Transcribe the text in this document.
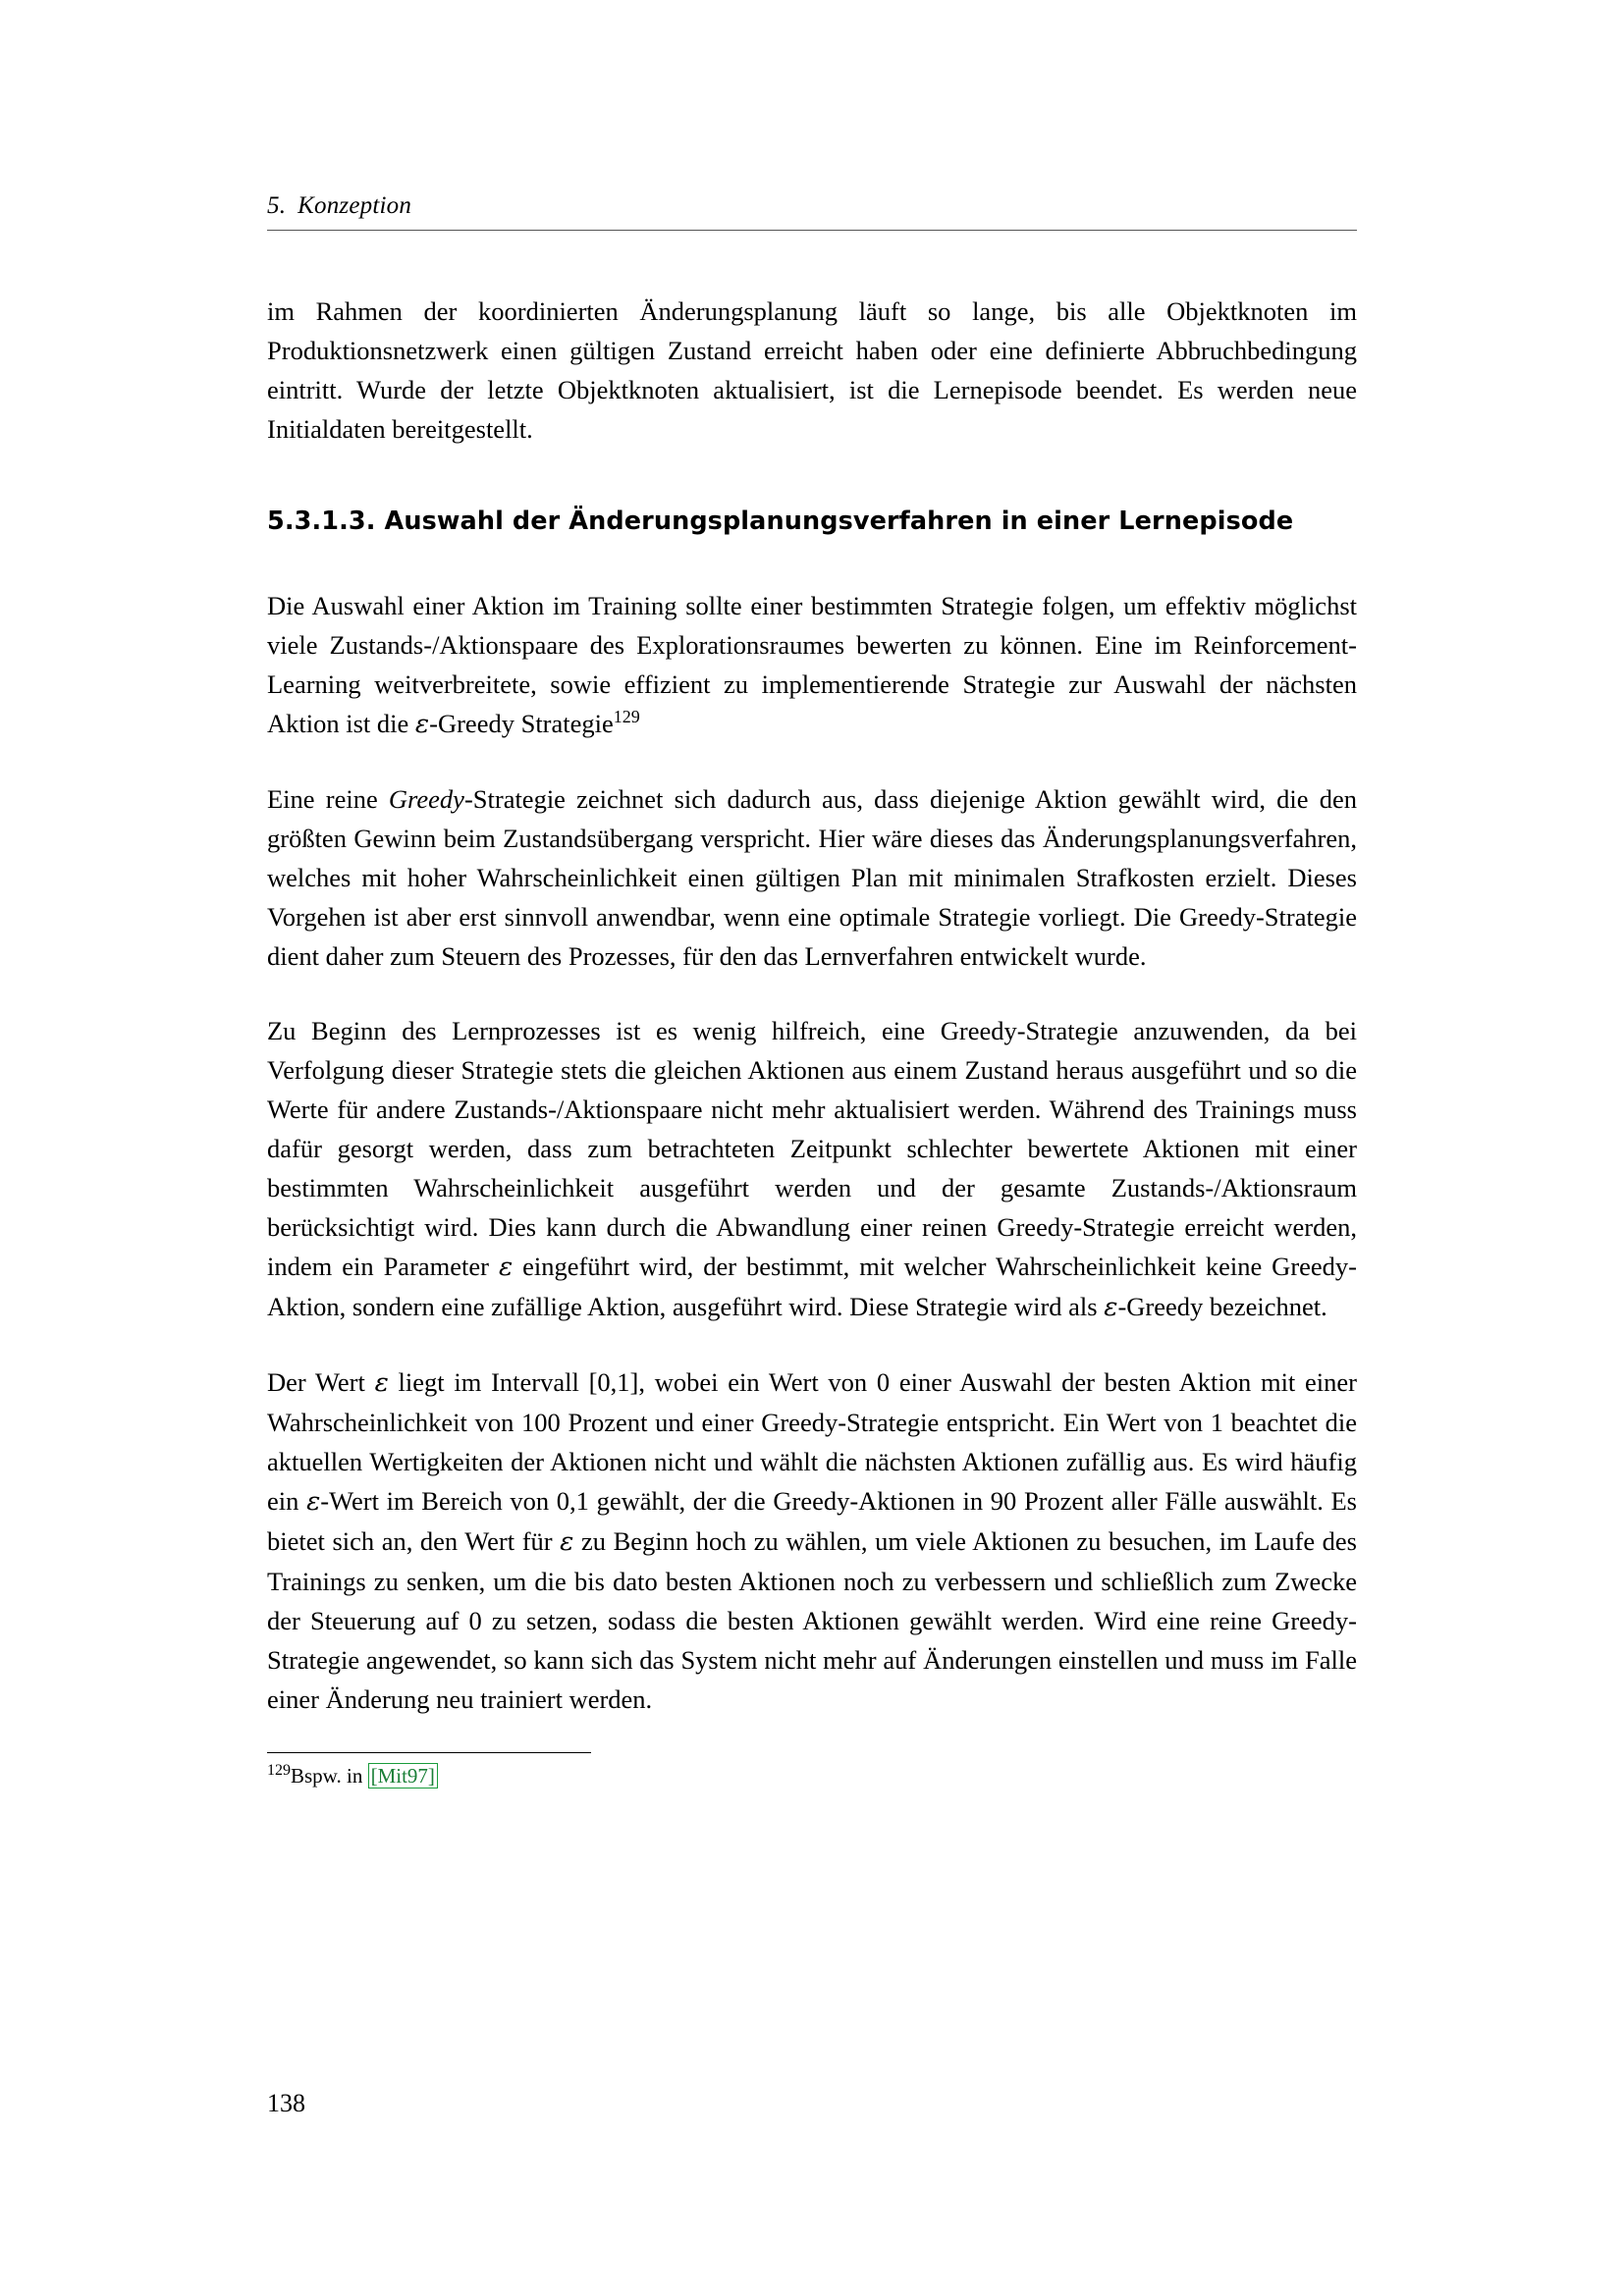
5. Konzeption

im Rahmen der koordinierten Änderungsplanung läuft so lange, bis alle Objektknoten im Produktionsnetzwerk einen gültigen Zustand erreicht haben oder eine definierte Abbruchbedingung eintritt. Wurde der letzte Objektknoten aktualisiert, ist die Lernepisode beendet. Es werden neue Initialdaten bereitgestellt.

5.3.1.3. Auswahl der Änderungsplanungsverfahren in einer Lernepisode

Die Auswahl einer Aktion im Training sollte einer bestimmten Strategie folgen, um effektiv möglichst viele Zustands-/Aktionspaare des Explorationsraumes bewerten zu können. Eine im Reinforcement-Learning weitverbreitete, sowie effizient zu implementierende Strategie zur Auswahl der nächsten Aktion ist die ε-Greedy Strategie$^{129}$

Eine reine Greedy-Strategie zeichnet sich dadurch aus, dass diejenige Aktion gewählt wird, die den größten Gewinn beim Zustandsübergang verspricht. Hier wäre dieses das Änderungsplanungsverfahren, welches mit hoher Wahrscheinlichkeit einen gültigen Plan mit minimalen Strafkosten erzielt. Dieses Vorgehen ist aber erst sinnvoll anwendbar, wenn eine optimale Strategie vorliegt. Die Greedy-Strategie dient daher zum Steuern des Prozesses, für den das Lernverfahren entwickelt wurde.

Zu Beginn des Lernprozesses ist es wenig hilfreich, eine Greedy-Strategie anzuwenden, da bei Verfolgung dieser Strategie stets die gleichen Aktionen aus einem Zustand heraus ausgeführt und so die Werte für andere Zustands-/Aktionspaare nicht mehr aktualisiert werden. Während des Trainings muss dafür gesorgt werden, dass zum betrachteten Zeitpunkt schlechter bewertete Aktionen mit einer bestimmten Wahrscheinlichkeit ausgeführt werden und der gesamte Zustands-/Aktionsraum berücksichtigt wird. Dies kann durch die Abwandlung einer reinen Greedy-Strategie erreicht werden, indem ein Parameter ε eingeführt wird, der bestimmt, mit welcher Wahrscheinlichkeit keine Greedy-Aktion, sondern eine zufällige Aktion, ausgeführt wird. Diese Strategie wird als ε-Greedy bezeichnet.

Der Wert ε liegt im Intervall [0,1], wobei ein Wert von 0 einer Auswahl der besten Aktion mit einer Wahrscheinlichkeit von 100 Prozent und einer Greedy-Strategie entspricht. Ein Wert von 1 beachtet die aktuellen Wertigkeiten der Aktionen nicht und wählt die nächsten Aktionen zufällig aus. Es wird häufig ein ε-Wert im Bereich von 0,1 gewählt, der die Greedy-Aktionen in 90 Prozent aller Fälle auswählt. Es bietet sich an, den Wert für ε zu Beginn hoch zu wählen, um viele Aktionen zu besuchen, im Laufe des Trainings zu senken, um die bis dato besten Aktionen noch zu verbessern und schließlich zum Zwecke der Steuerung auf 0 zu setzen, sodass die besten Aktionen gewählt werden. Wird eine reine Greedy-Strategie angewendet, so kann sich das System nicht mehr auf Änderungen einstellen und muss im Falle einer Änderung neu trainiert werden.

$^{129}$Bspw. in [Mit97]
138
